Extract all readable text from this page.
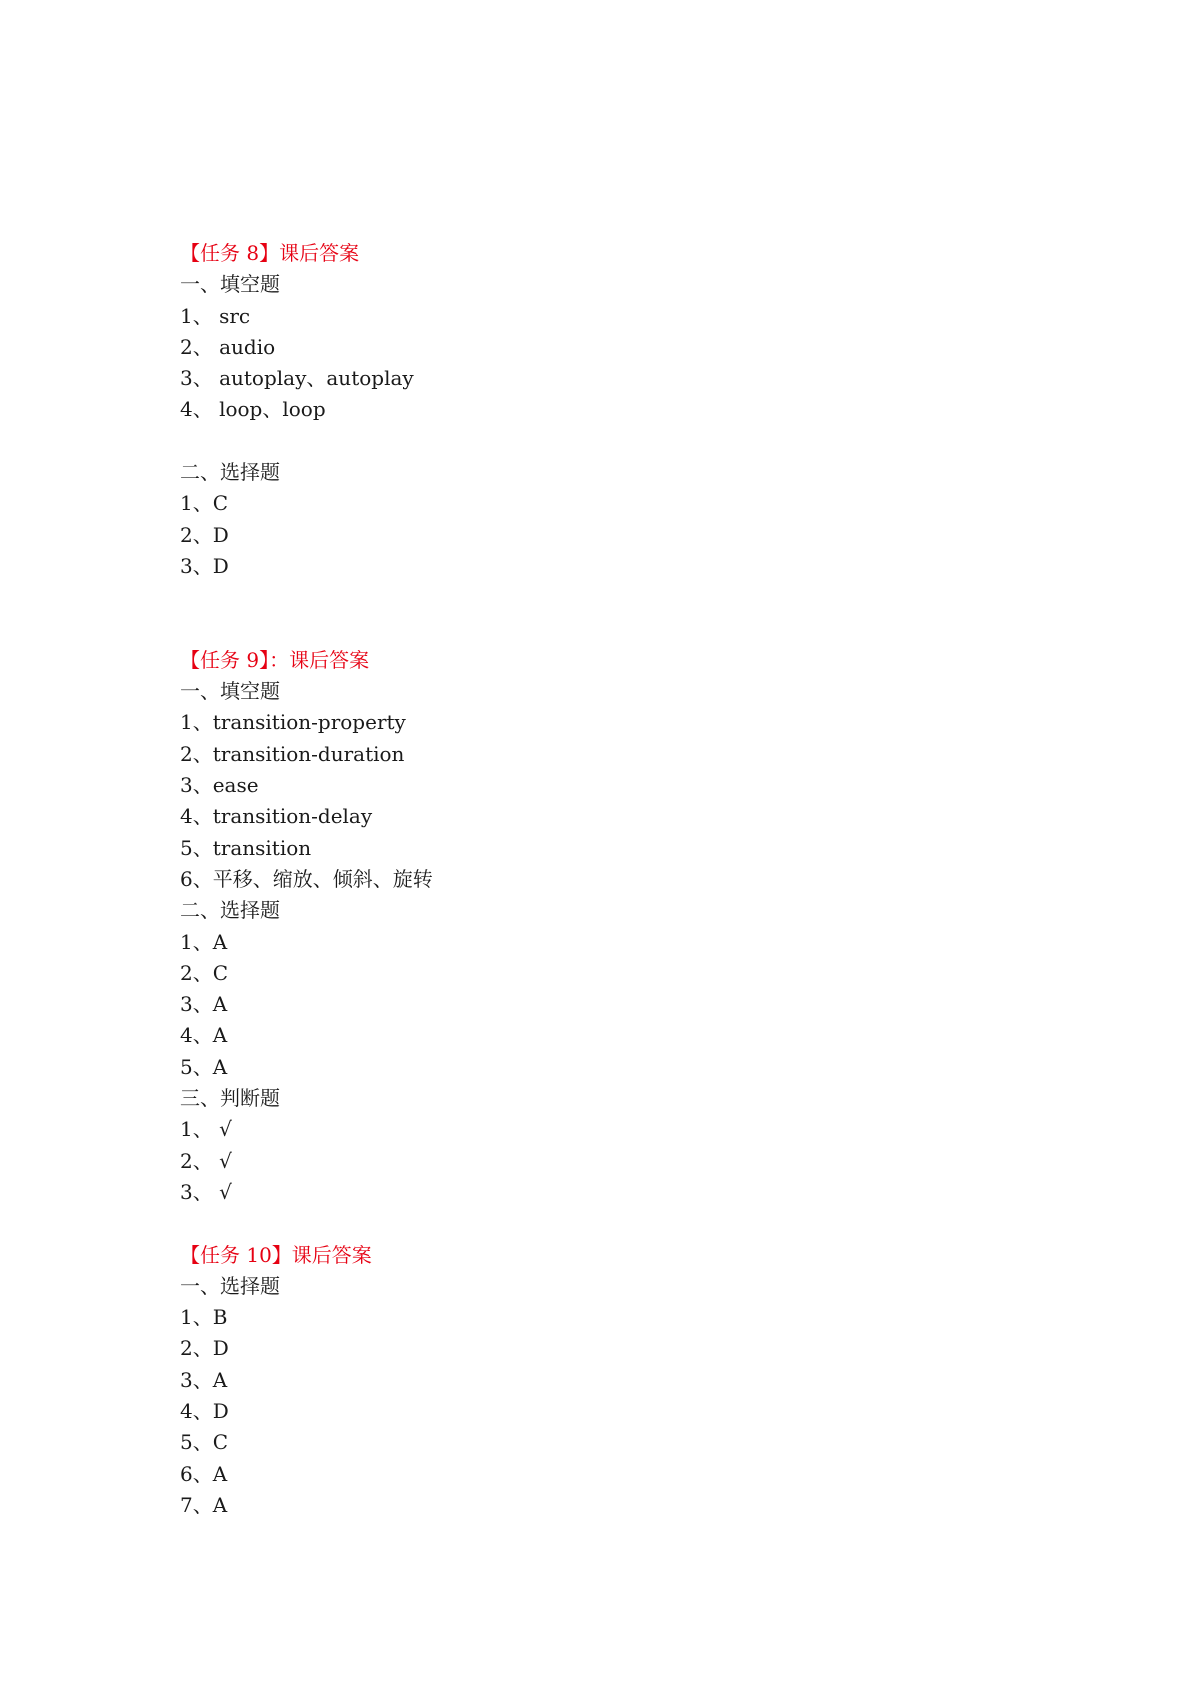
【任务 8】课后答案
一、填空题
1、 src
2、 audio
3、 autoplay、autoplay
4、 loop、loop
二、选择题
1、C
2、D
3、D
【任务 9】：课后答案
一、填空题
1、transition-property
2、transition-duration
3、ease
4、transition-delay
5、transition
6、平移、缩放、倾斜、旋转
二、选择题
1、A
2、C
3、A
4、A
5、A
三、判断题
1、 √
2、 √
3、 √
【任务 10】课后答案
一、选择题
1、B
2、D
3、A
4、D
5、C
6、A
7、A
